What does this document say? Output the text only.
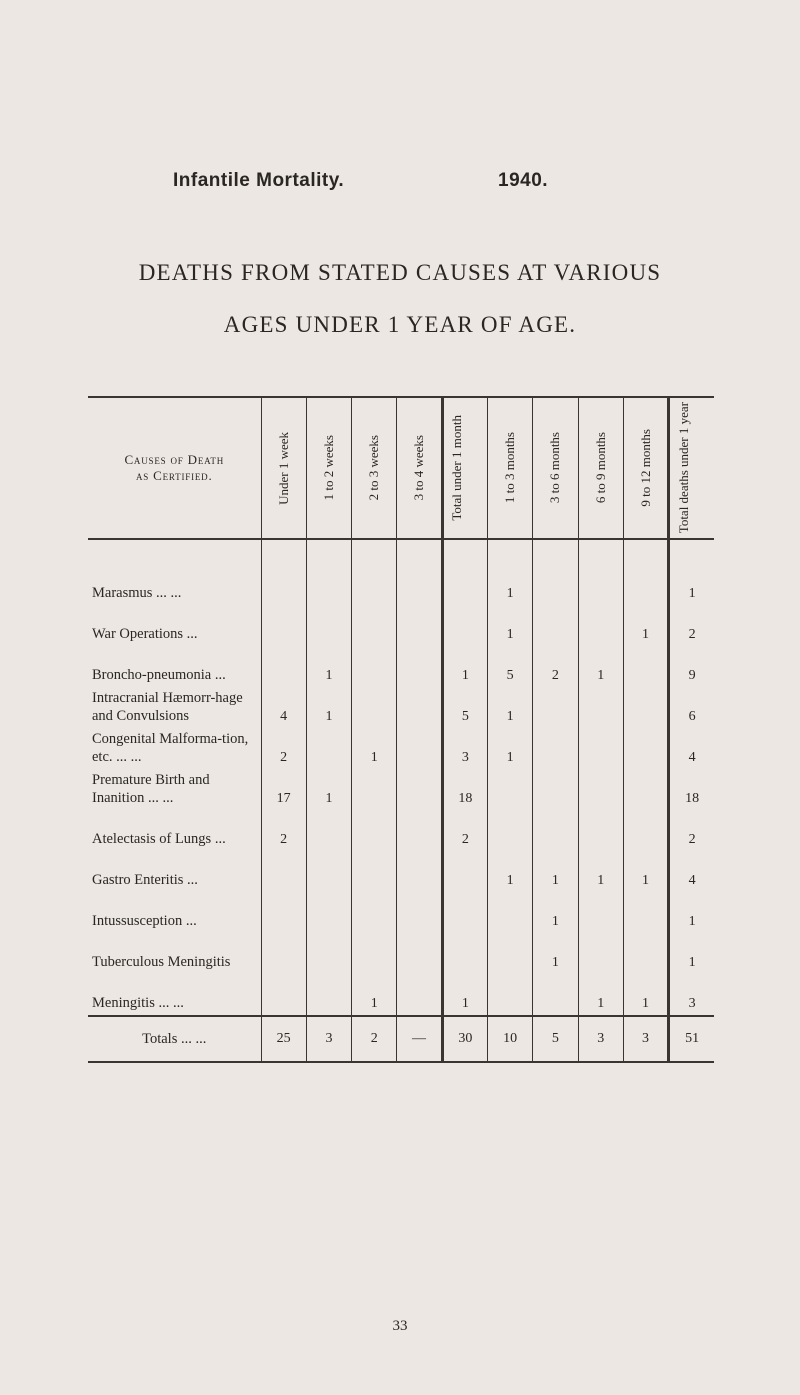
Infantile Mortality.	1940.
DEATHS FROM STATED CAUSES AT VARIOUS
AGES UNDER 1 YEAR OF AGE.
Causes of Death
as Certified.	Under 1 week	1 to 2 weeks	2 to 3 weeks	3 to 4 weeks	Total under 1 month	1 to 3 months	3 to 6 months	6 to 9 months	9 to 12 months	Total deaths under 1 year

Marasmus ... ...						1				1
War Operations ...						1			1	2
Broncho-pneumonia ...		1			1	5	2	1		9
Intracranial Hæmorr-hage and Convulsions	4	1			5	1				6
Congenital Malforma-tion, etc. ... ...	2		1		3	1				4
Premature Birth and Inanition ... ...	17	1			18					18
Atelectasis of Lungs ...	2				2					2
Gastro Enteritis ...						1	1	1	1	4
Intussusception ...							1			1
Tuberculous Meningitis							1			1
Meningitis ... ...			1		1			1	1	3
Totals ... ...	25	3	2	—	30	10	5	3	3	51
33
